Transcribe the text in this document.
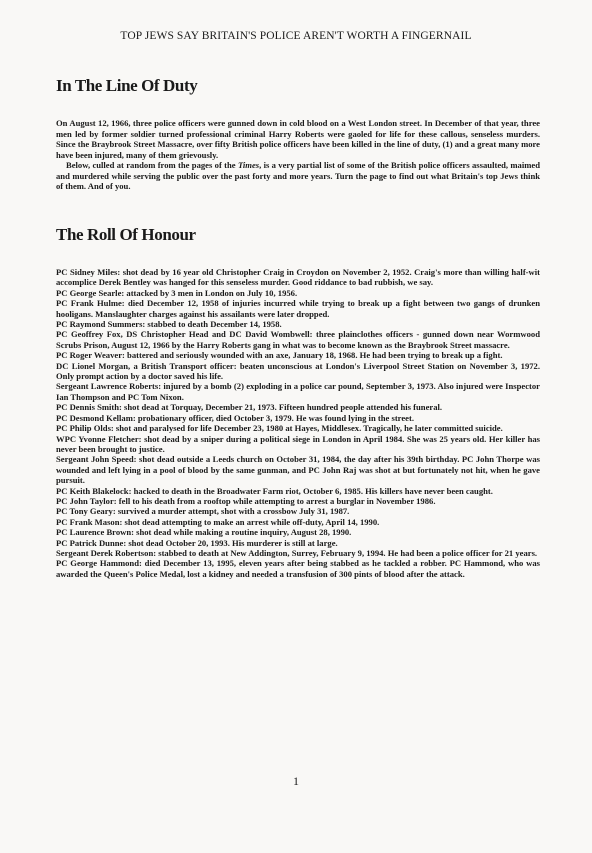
TOP JEWS SAY BRITAIN'S POLICE AREN'T WORTH A FINGERNAIL
In The Line Of Duty

On August 12, 1966, three police officers were gunned down in cold blood on a West London street. In December of that year, three men led by former soldier turned professional criminal Harry Roberts were gaoled for life for these callous, senseless murders. Since the Braybrook Street Massacre, over fifty British police officers have been killed in the line of duty, (1) and a great many more have been injured, many of them grievously.

Below, culled at random from the pages of the Times, is a very partial list of some of the British police officers assaulted, maimed and murdered while serving the public over the past forty and more years. Turn the page to find out what Britain's top Jews think of them. And of you.

The Roll Of Honour

PC Sidney Miles: shot dead by 16 year old Christopher Craig in Croydon on November 2, 1952. Craig's more than willing half-wit accomplice Derek Bentley was hanged for this senseless murder. Good riddance to bad rubbish, we say.

PC George Searle: attacked by 3 men in London on July 10, 1956.

PC Frank Hulme: died December 12, 1958 of injuries incurred while trying to break up a fight between two gangs of drunken hooligans. Manslaughter charges against his assailants were later dropped.

PC Raymond Summers: stabbed to death December 14, 1958.

PC Geoffrey Fox, DS Christopher Head and DC David Wombwell: three plainclothes officers - gunned down near Wormwood Scrubs Prison, August 12, 1966 by the Harry Roberts gang in what was to become known as the Braybrook Street massacre.

PC Roger Weaver: battered and seriously wounded with an axe, January 18, 1968. He had been trying to break up a fight.

DC Lionel Morgan, a British Transport officer: beaten unconscious at London's Liverpool Street Station on November 3, 1972. Only prompt action by a doctor saved his life.

Sergeant Lawrence Roberts: injured by a bomb (2) exploding in a police car pound, September 3, 1973. Also injured were Inspector Ian Thompson and PC Tom Nixon.

PC Dennis Smith: shot dead at Torquay, December 21, 1973. Fifteen hundred people attended his funeral.

PC Desmond Kellam: probationary officer, died October 3, 1979. He was found lying in the street.

PC Philip Olds: shot and paralysed for life December 23, 1980 at Hayes, Middlesex. Tragically, he later committed suicide.

WPC Yvonne Fletcher: shot dead by a sniper during a political siege in London in April 1984. She was 25 years old. Her killer has never been brought to justice.

Sergeant John Speed: shot dead outside a Leeds church on October 31, 1984, the day after his 39th birthday. PC John Thorpe was wounded and left lying in a pool of blood by the same gunman, and PC John Raj was shot at but fortunately not hit, when he gave pursuit.

PC Keith Blakelock: hacked to death in the Broadwater Farm riot, October 6, 1985. His killers have never been caught.

PC John Taylor: fell to his death from a rooftop while attempting to arrest a burglar in November 1986.

PC Tony Geary: survived a murder attempt, shot with a crossbow July 31, 1987.

PC Frank Mason: shot dead attempting to make an arrest while off-duty, April 14, 1990.

PC Laurence Brown: shot dead while making a routine inquiry, August 28, 1990.

PC Patrick Dunne: shot dead October 20, 1993. His murderer is still at large.

Sergeant Derek Robertson: stabbed to death at New Addington, Surrey, February 9, 1994. He had been a police officer for 21 years.

PC George Hammond: died December 13, 1995, eleven years after being stabbed as he tackled a robber. PC Hammond, who was awarded the Queen's Police Medal, lost a kidney and needed a transfusion of 300 pints of blood after the attack.

1
